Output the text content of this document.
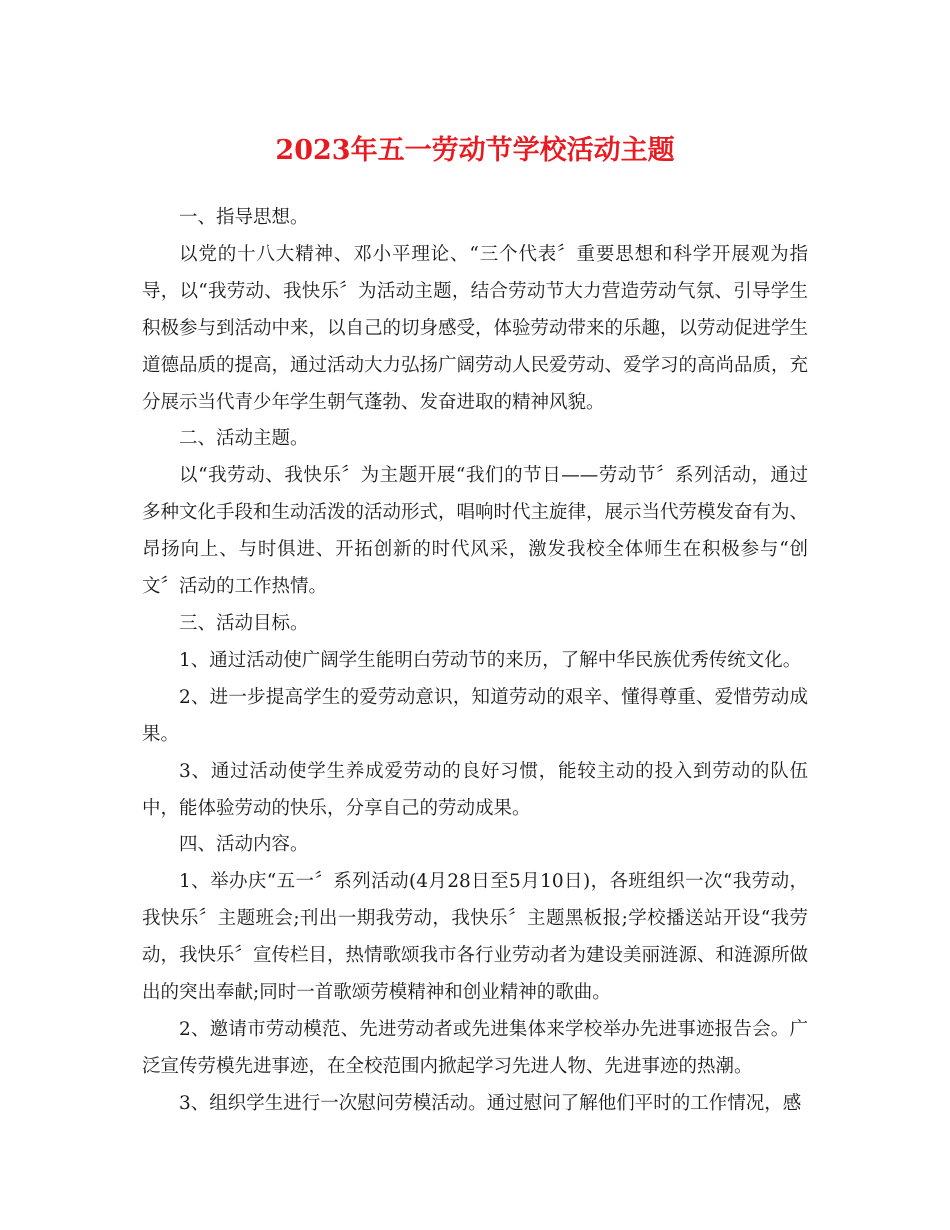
2023年五一劳动节学校活动主题

一、指导思想。

以党的十八大精神、邓小平理论、“三个代表〞重要思想和科学开展观为指导，以“我劳动、我快乐〞为活动主题，结合劳动节大力营造劳动气氛、引导学生积极参与到活动中来，以自己的切身感受，体验劳动带来的乐趣，以劳动促进学生道德品质的提高，通过活动大力弘扬广阔劳动人民爱劳动、爱学习的高尚品质，充分展示当代青少年学生朝气蓬勃、发奋进取的精神风貌。

二、活动主题。

以“我劳动、我快乐〞为主题开展“我们的节日——劳动节〞系列活动，通过多种文化手段和生动活泼的活动形式，唱响时代主旋律，展示当代劳模发奋有为、昂扬向上、与时俱进、开拓创新的时代风采，激发我校全体师生在积极参与“创文〞活动的工作热情。

三、活动目标。

1、通过活动使广阔学生能明白劳动节的来历，了解中华民族优秀传统文化。

2、进一步提高学生的爱劳动意识，知道劳动的艰辛、懂得尊重、爱惜劳动成果。

3、通过活动使学生养成爱劳动的良好习惯，能较主动的投入到劳动的队伍中，能体验劳动的快乐，分享自己的劳动成果。

四、活动内容。

1、举办庆“五一〞系列活动(4月28日至5月10日)，各班组织一次“我劳动，我快乐〞主题班会;刊出一期我劳动，我快乐〞主题黑板报;学校播送站开设“我劳动，我快乐〞宣传栏目，热情歌颂我市各行业劳动者为建设美丽涟源、和涟源所做出的突出奉献;同时一首歌颂劳模精神和创业精神的歌曲。

2、邀请市劳动模范、先进劳动者或先进集体来学校举办先进事迹报告会。广泛宣传劳模先进事迹，在全校范围内掀起学习先进人物、先进事迹的热潮。

3、组织学生进行一次慰问劳模活动。通过慰问了解他们平时的工作情况，感
